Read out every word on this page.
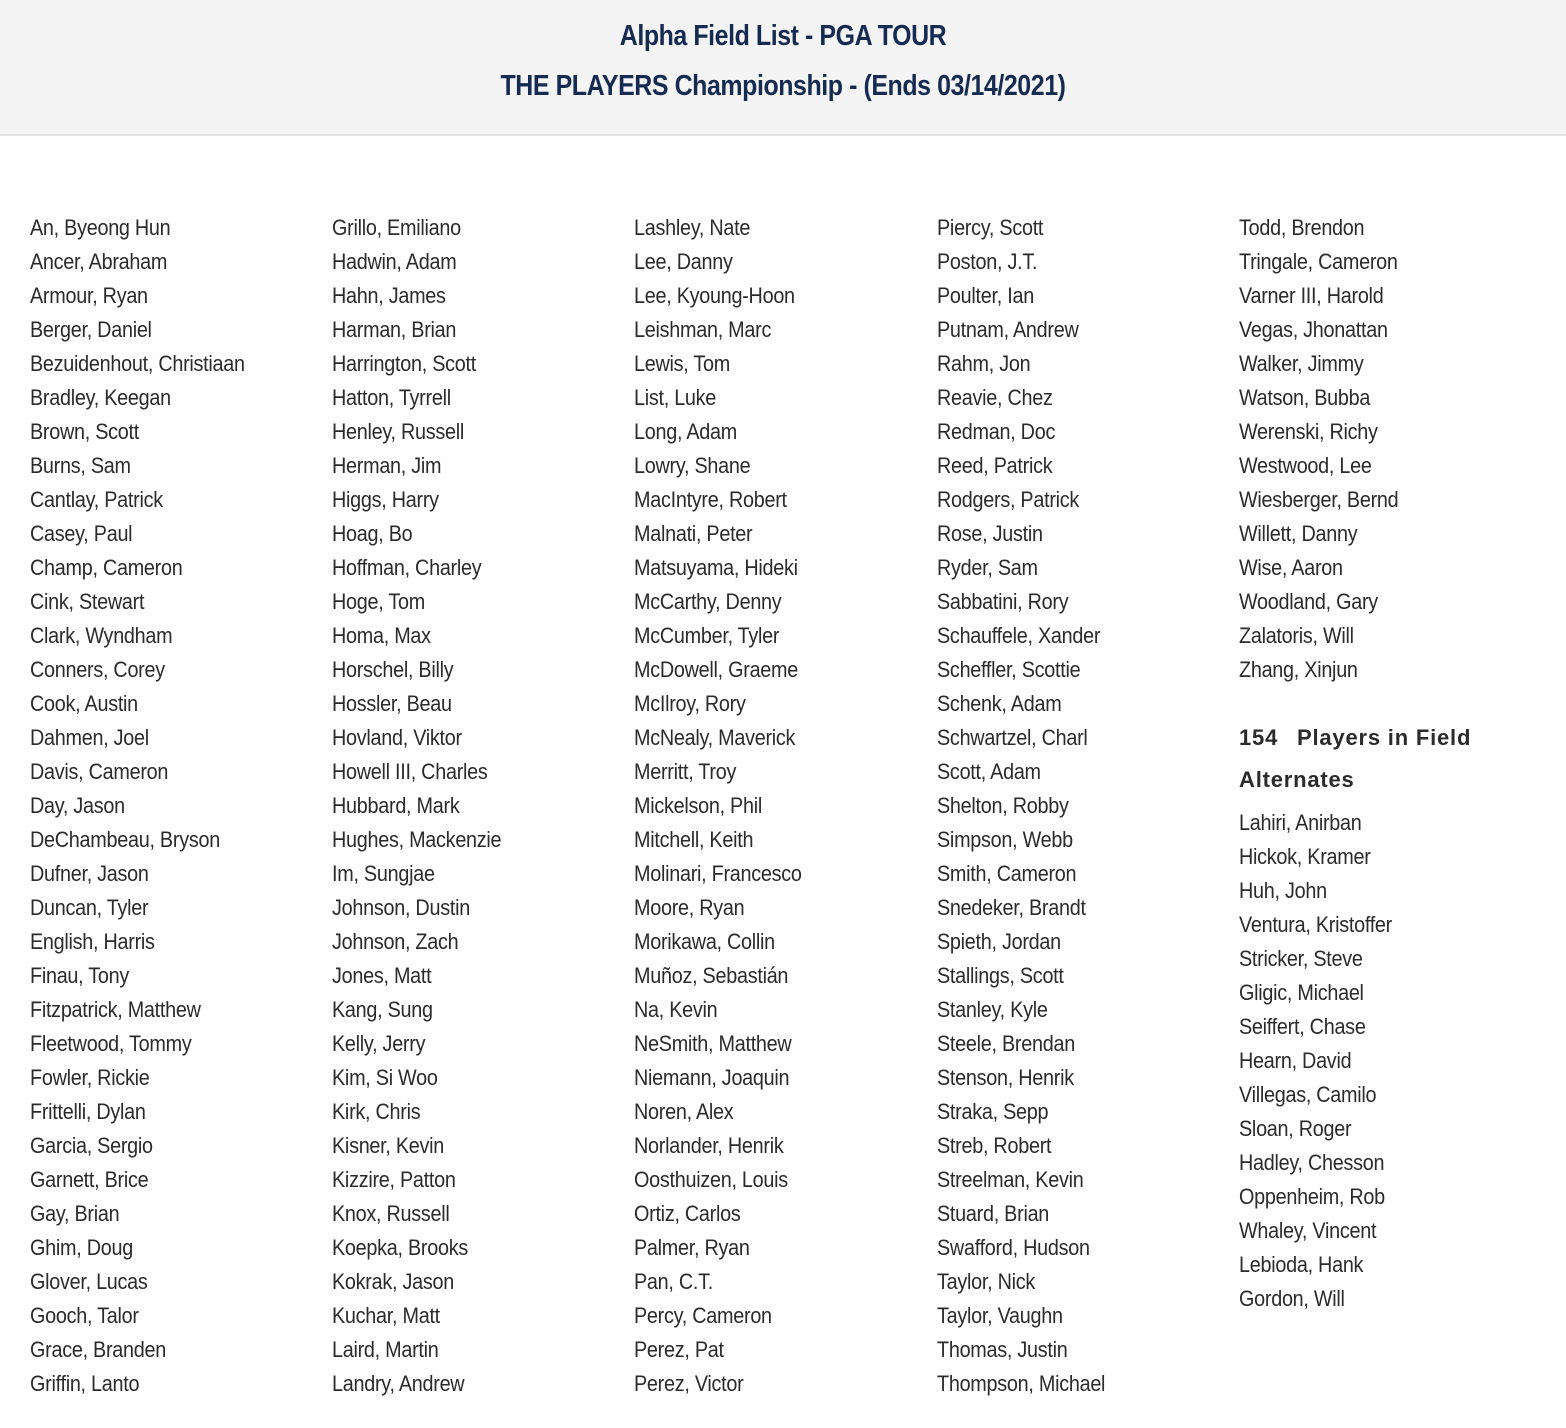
Alpha Field List - PGA TOUR
THE PLAYERS Championship - (Ends 03/14/2021)
An, Byeong Hun
Ancer, Abraham
Armour, Ryan
Berger, Daniel
Bezuidenhout, Christiaan
Bradley, Keegan
Brown, Scott
Burns, Sam
Cantlay, Patrick
Casey, Paul
Champ, Cameron
Cink, Stewart
Clark, Wyndham
Conners, Corey
Cook, Austin
Dahmen, Joel
Davis, Cameron
Day, Jason
DeChambeau, Bryson
Dufner, Jason
Duncan, Tyler
English, Harris
Finau, Tony
Fitzpatrick, Matthew
Fleetwood, Tommy
Fowler, Rickie
Frittelli, Dylan
Garcia, Sergio
Garnett, Brice
Gay, Brian
Ghim, Doug
Glover, Lucas
Gooch, Talor
Grace, Branden
Griffin, Lanto
Grillo, Emiliano
Hadwin, Adam
Hahn, James
Harman, Brian
Harrington, Scott
Hatton, Tyrrell
Henley, Russell
Herman, Jim
Higgs, Harry
Hoag, Bo
Hoffman, Charley
Hoge, Tom
Homa, Max
Horschel, Billy
Hossler, Beau
Hovland, Viktor
Howell III, Charles
Hubbard, Mark
Hughes, Mackenzie
Im, Sungjae
Johnson, Dustin
Johnson, Zach
Jones, Matt
Kang, Sung
Kelly, Jerry
Kim, Si Woo
Kirk, Chris
Kisner, Kevin
Kizzire, Patton
Knox, Russell
Koepka, Brooks
Kokrak, Jason
Kuchar, Matt
Laird, Martin
Landry, Andrew
Lashley, Nate
Lee, Danny
Lee, Kyoung-Hoon
Leishman, Marc
Lewis, Tom
List, Luke
Long, Adam
Lowry, Shane
MacIntyre, Robert
Malnati, Peter
Matsuyama, Hideki
McCarthy, Denny
McCumber, Tyler
McDowell, Graeme
McIlroy, Rory
McNealy, Maverick
Merritt, Troy
Mickelson, Phil
Mitchell, Keith
Molinari, Francesco
Moore, Ryan
Morikawa, Collin
Muñoz, Sebastián
Na, Kevin
NeSmith, Matthew
Niemann, Joaquin
Noren, Alex
Norlander, Henrik
Oosthuizen, Louis
Ortiz, Carlos
Palmer, Ryan
Pan, C.T.
Percy, Cameron
Perez, Pat
Perez, Victor
Piercy, Scott
Poston, J.T.
Poulter, Ian
Putnam, Andrew
Rahm, Jon
Reavie, Chez
Redman, Doc
Reed, Patrick
Rodgers, Patrick
Rose, Justin
Ryder, Sam
Sabbatini, Rory
Schauffele, Xander
Scheffler, Scottie
Schenk, Adam
Schwartzel, Charl
Scott, Adam
Shelton, Robby
Simpson, Webb
Smith, Cameron
Snedeker, Brandt
Spieth, Jordan
Stallings, Scott
Stanley, Kyle
Steele, Brendan
Stenson, Henrik
Straka, Sepp
Streb, Robert
Streelman, Kevin
Stuard, Brian
Swafford, Hudson
Taylor, Nick
Taylor, Vaughn
Thomas, Justin
Thompson, Michael
Todd, Brendon
Tringale, Cameron
Varner III, Harold
Vegas, Jhonattan
Walker, Jimmy
Watson, Bubba
Werenski, Richy
Westwood, Lee
Wiesberger, Bernd
Willett, Danny
Wise, Aaron
Woodland, Gary
Zalatoris, Will
Zhang, Xinjun
154 Players in Field
Alternates
Lahiri, Anirban
Hickok, Kramer
Huh, John
Ventura, Kristoffer
Stricker, Steve
Gligic, Michael
Seiffert, Chase
Hearn, David
Villegas, Camilo
Sloan, Roger
Hadley, Chesson
Oppenheim, Rob
Whaley, Vincent
Lebioda, Hank
Gordon, Will
